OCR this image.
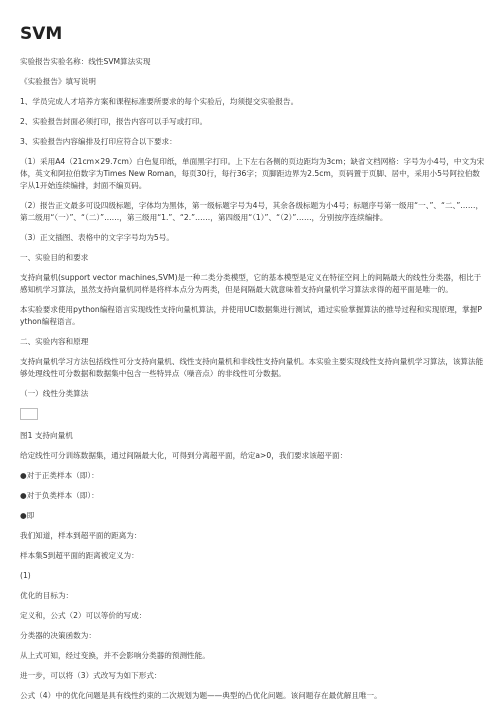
SVM

实验报告实验名称：线性SVM算法实现

《实验报告》填写说明

1、学员完成⼈才培养⽅案和课程标准要所要求的每个实验后，均须提交实验报告。

2、实验报告封⾯必须打印，报告内容可以⼿写或打印。

3、实验报告内容编排及打印应符合以下要求：

（1）采⽤A4（21cm×29.7cm）⽩⾊复印纸，单⾯⿊字打印。上下左右各侧的页边距均为3cm；缺省⽂档⽹格：字号为⼩4号，中⽂为宋体，英⽂和阿拉伯数字为Times New Roman，每页30⾏，每⾏36字；页脚距边界为2.5cm，页码置于页脚、居中，采⽤⼩5号阿拉伯数字从1开始连续编排，封⾯不编页码。

（2）报告正⽂最多可设四级标题，字体均为⿊体，第⼀级标题字号为4号，其余各级标题为⼩4号；标题序号第⼀级⽤“⼀、”、“⼆、”……，第⼆级⽤“（⼀）”、“（⼆）”……，第三级⽤“1.”、“2.”……，第四级⽤“（1）”、“（2）”……，分别按序连续编排。

（3）正⽂插图、表格中的⽂字字号均为5号。

⼀、实验⽬的和要求

⽀持向量机(support vector machines,SVM)是⼀种⼆类分类模型，它的基本模型是定义在特征空间上的间隔最⼤的线性分类器，相⽐于感知机学习算法，虽然⽀持向量机同样是将样本点分为两类，但是间隔最⼤就意味着⽀持向量机学习算法求得的超平⾯是唯⼀的。

本实验要求使⽤python编程语⾔实现线性⽀持向量机算法，并使⽤UCI数据集进⾏测试，通过实验掌握算法的推导过程和实现原理，掌握Python编程语⾔。

⼆、实验内容和原理

⽀持向量机学习⽅法包括线性可分⽀持向量机、线性⽀持向量机和⾮线性⽀持向量机。本实验主要实现线性⽀持向量机学习算法，该算法能够处理线性可分数据和数据集中包含⼀些特异点（噪⾳点）的⾮线性可分数据。

（⼀）线性分类算法

图1 ⽀持向量机

给定线性可分训练数据集，通过间隔最⼤化，可得到分离超平⾯，给定a>0，我们要求该超平⾯：

●对于正类样本（即）：

●对于负类样本（即）：

●即

我们知道，样本到超平⾯的距离为：

样本集S到超平⾯的距离被定义为：

(1)

优化的⽬标为：

定义和，公式（2）可以等价的写成：

分类器的决策函数为：

从上式可知，经过变换，并不会影响分类器的预测性能。

进⼀步，可以将（3）式改写为如下形式：

公式（4）中的优化问题是具有线性约束的⼆次规划为题——典型的凸优化问题。该问题存在最优解且唯⼀。
